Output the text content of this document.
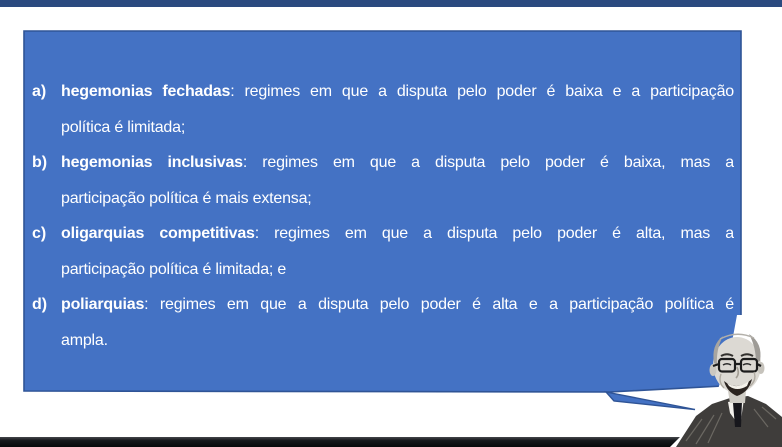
a) hegemonias fechadas: regimes em que a disputa pelo poder é baixa e a participação
política é limitada;
b) hegemonias inclusivas: regimes em que a disputa pelo poder é baixa, mas a
participação política é mais extensa;
c) oligarquias competitivas: regimes em que a disputa pelo poder é alta, mas a
participação política é limitada; e
d) poliarquias: regimes em que a disputa pelo poder é alta e a participação política é
ampla.
